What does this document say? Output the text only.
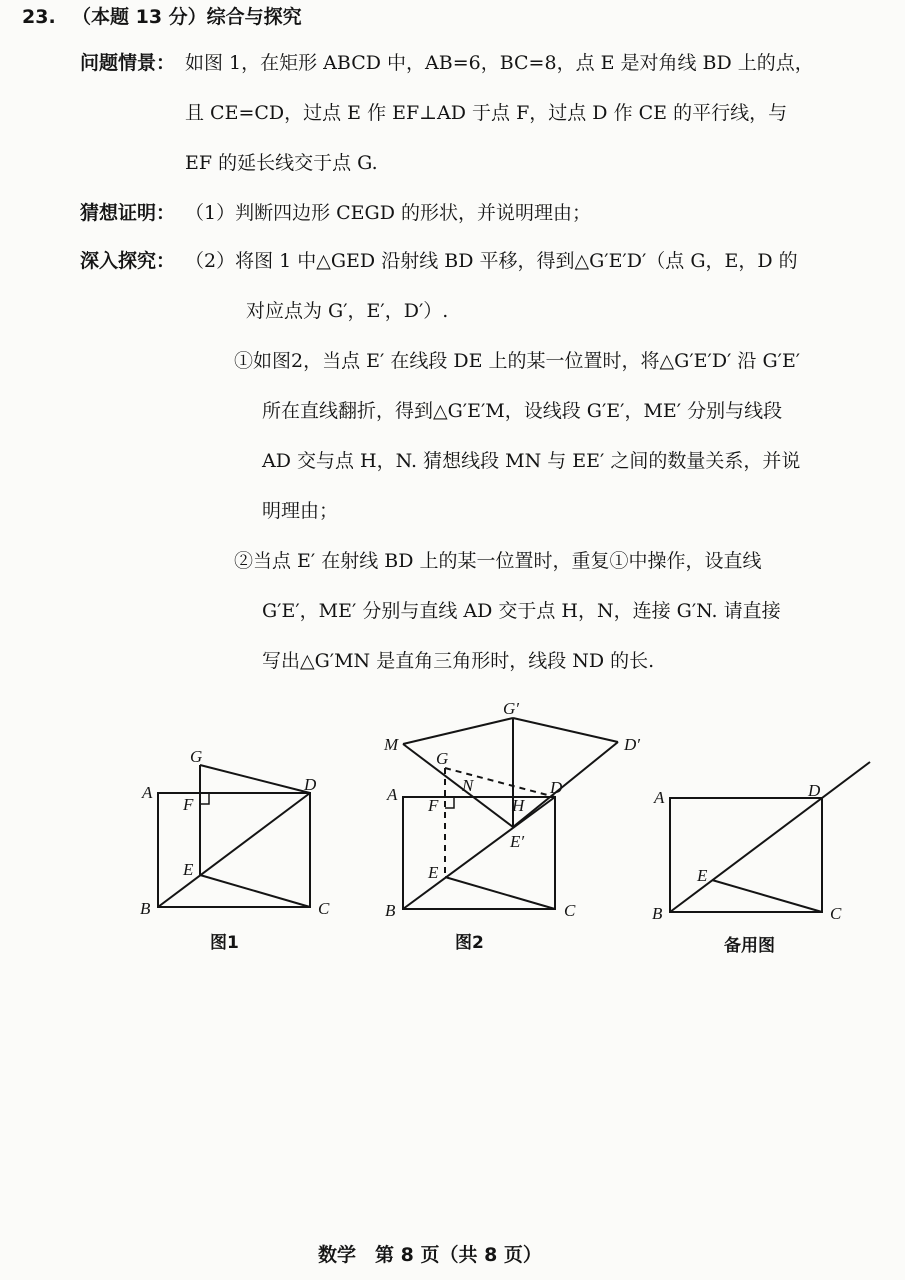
23. （本题 13 分）综合与探究
问题情景： 如图 1，在矩形 ABCD 中，AB=6，BC=8，点 E 是对角线 BD 上的点，
且 CE=CD，过点 E 作 EF⊥AD 于点 F，过点 D 作 CE 的平行线，与
EF 的延长线交于点 G.
猜想证明： （1）判断四边形 CEGD 的形状，并说明理由；
深入探究： （2）将图 1 中△GED 沿射线 BD 平移，得到△G′E′D′（点 G，E，D 的
对应点为 G′，E′，D′）.
①如图2，当点 E′ 在线段 DE 上的某一位置时，将△G′E′D′ 沿 G′E′
所在直线翻折，得到△G′E′M，设线段 G′E′，ME′ 分别与线段
AD 交与点 H，N. 猜想线段 MN 与 EE′ 之间的数量关系，并说
明理由；
②当点 E′ 在射线 BD 上的某一位置时，重复①中操作，设直线
G′E′，ME′ 分别与直线 AD 交于点 H，N，连接 G′N. 请直接
写出△G′MN 是直角三角形时，线段 ND 的长.
A
B	C
D
E
F
G
图1
A
B	C
D
E
F
G
G′
D′
M
N
H
E′
图2
A
B	C
D
E
备用图
数学　第 8 页（共 8 页）
